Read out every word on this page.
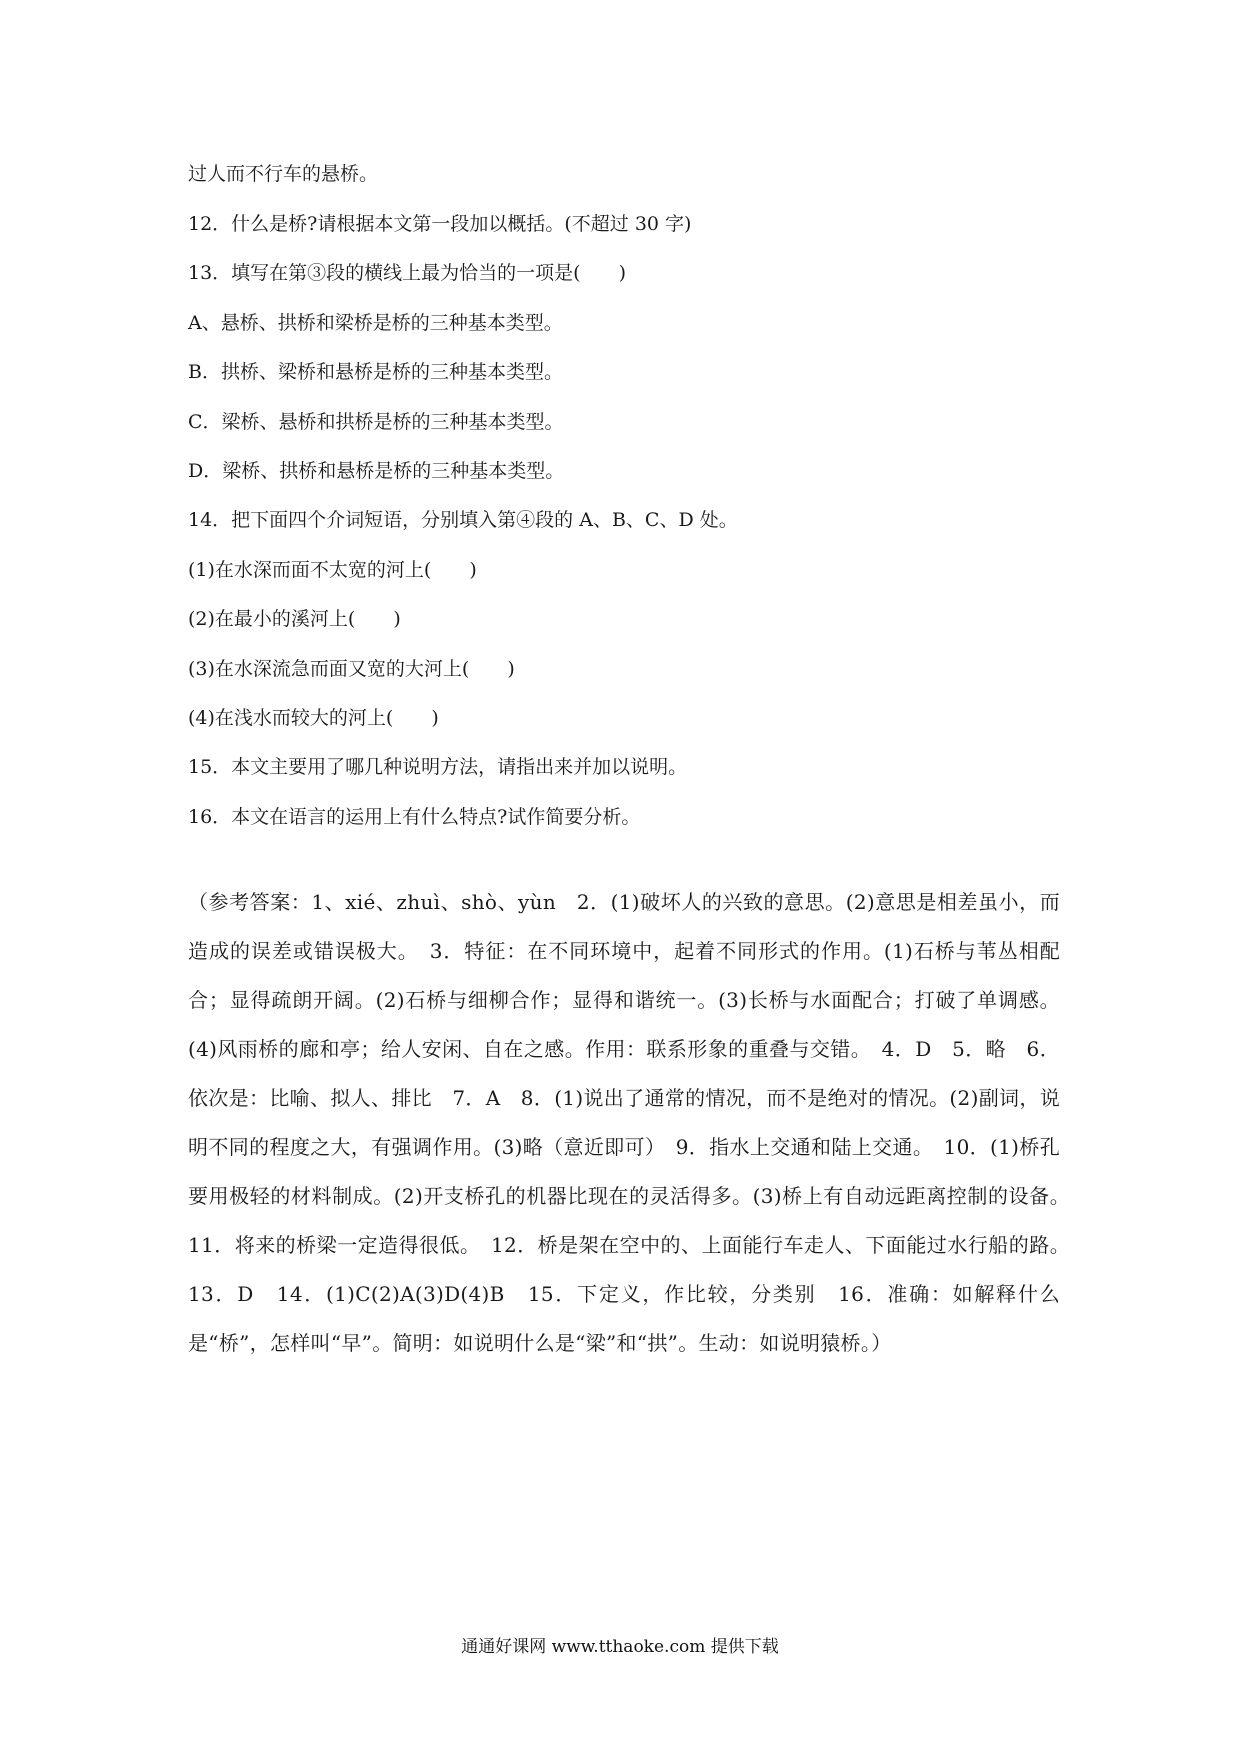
过人而不行车的悬桥。
12．什么是桥?请根据本文第一段加以概括。(不超过 30 字)
13．填写在第③段的横线上最为恰当的一项是(　　)
A、悬桥、拱桥和梁桥是桥的三种基本类型。
B．拱桥、梁桥和悬桥是桥的三种基本类型。
C．梁桥、悬桥和拱桥是桥的三种基本类型。
D．梁桥、拱桥和悬桥是桥的三种基本类型。
14．把下面四个介词短语，分别填入第④段的 A、B、C、D 处。
(1)在水深而面不太宽的河上(　　)
(2)在最小的溪河上(　　)
(3)在水深流急而面又宽的大河上(　　)
(4)在浅水而较大的河上(　　)
15．本文主要用了哪几种说明方法，请指出来并加以说明。
16．本文在语言的运用上有什么特点?试作简要分析。
（参考答案：1、xié、zhuì、shò、yùn　2．(1)破坏人的兴致的意思。(2)意思是相差虽小，而造成的误差或错误极大。　3．特征：在不同环境中，起着不同形式的作用。(1)石桥与苇丛相配合；显得疏朗开阔。(2)石桥与细柳合作；显得和谐统一。(3)长桥与水面配合；打破了单调感。(4)风雨桥的廊和亭；给人安闲、自在之感。作用：联系形象的重叠与交错。　4．D　5．略　6．依次是：比喻、拟人、排比　7．A　8．(1)说出了通常的情况，而不是绝对的情况。(2)副词，说明不同的程度之大，有强调作用。(3)略（意近即可）　9．指水上交通和陆上交通。　10．(1)桥孔要用极轻的材料制成。(2)开支桥孔的机器比现在的灵活得多。(3)桥上有自动远距离控制的设备。　11．将来的桥梁一定造得很低。　12．桥是架在空中的、上面能行车走人、下面能过水行船的路。　13．D　14．(1)C(2)A(3)D(4)B　15．下定义，作比较，分类别　16．准确：如解释什么是“桥”，怎样叫“早”。简明：如说明什么是“梁”和“拱”。生动：如说明猿桥。）
通通好课网 www.tthaoke.com 提供下载
